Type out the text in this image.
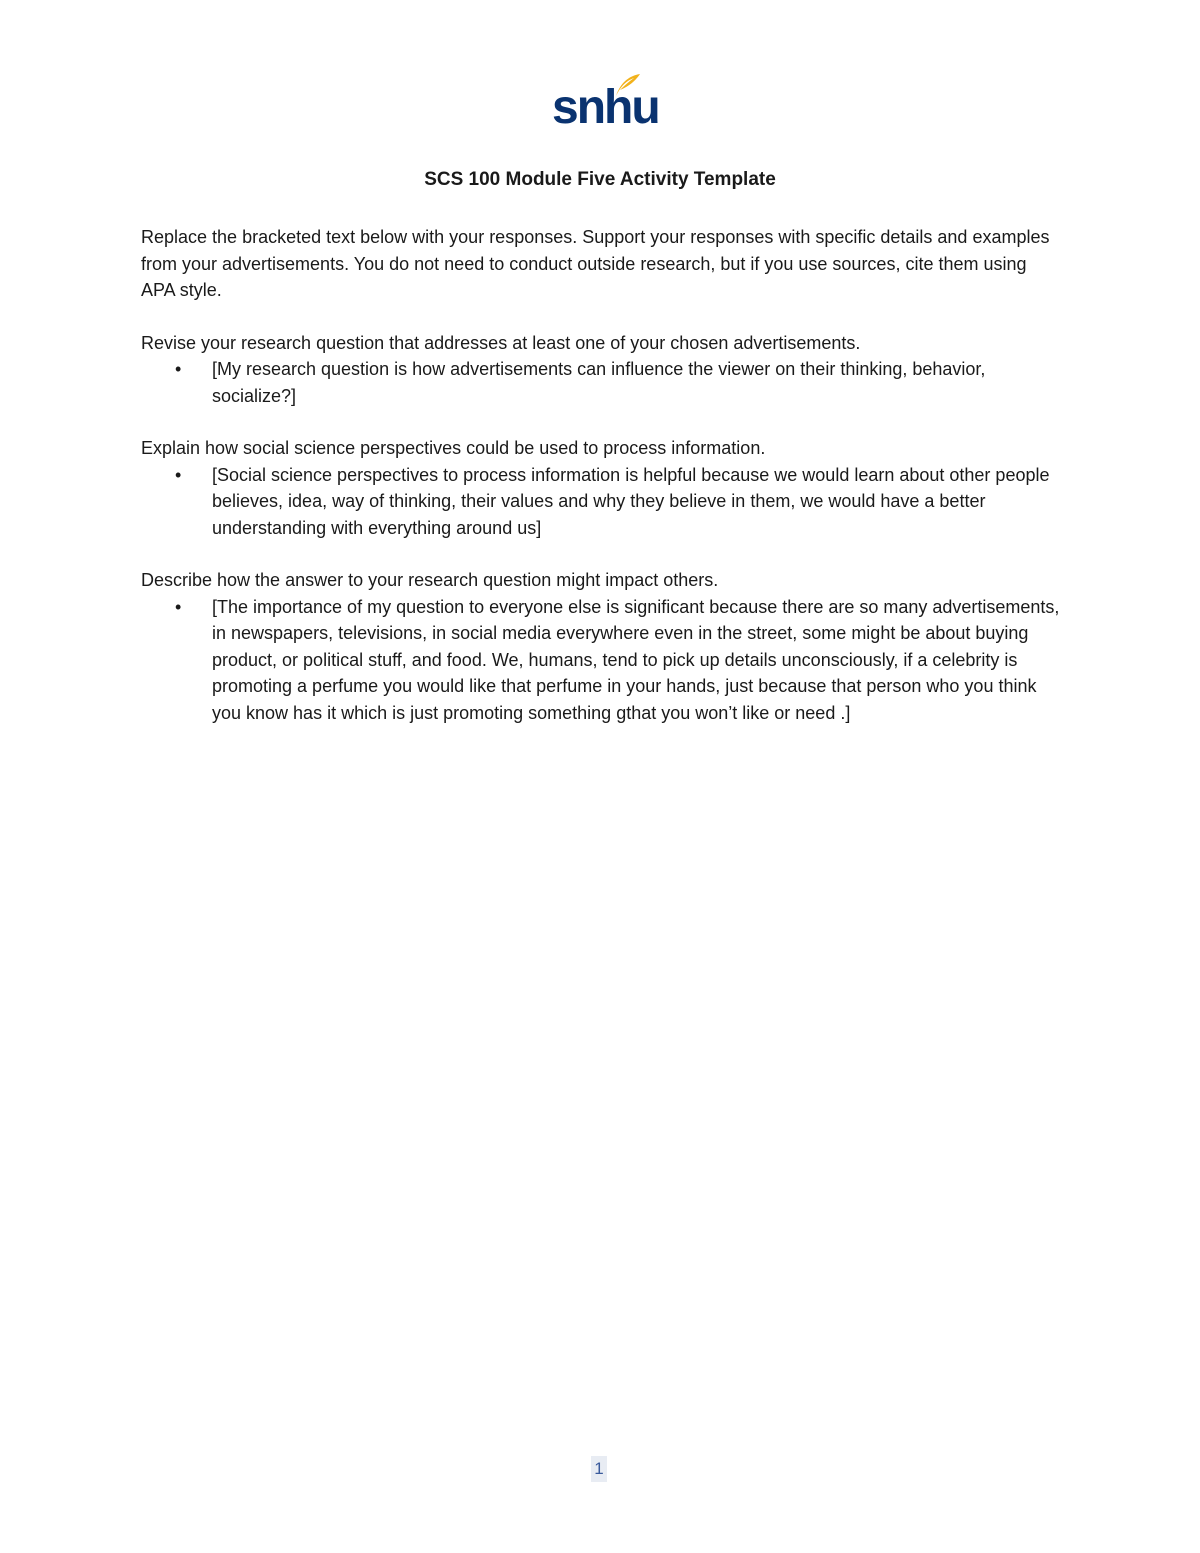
snhu
SCS 100 Module Five Activity Template

Replace the bracketed text below with your responses. Support your responses with specific details and examples from your advertisements. You do not need to conduct outside research, but if you use sources, cite them using APA style.

Revise your research question that addresses at least one of your chosen advertisements.

• [My research question is how advertisements can influence the viewer on their thinking, behavior, socialize?]

Explain how social science perspectives could be used to process information.

• [Social science perspectives to process information is helpful because we would learn about other people believes, idea, way of thinking, their values and why they believe in them, we would have a better understanding with everything around us]

Describe how the answer to your research question might impact others.

• [The importance of my question to everyone else is significant because there are so many advertisements, in newspapers, televisions, in social media everywhere even in the street, some might be about buying product, or political stuff, and food. We, humans, tend to pick up details unconsciously, if a celebrity is promoting a perfume you would like that perfume in your hands, just because that person who you think you know has it which is just promoting something gthat you won’t like or need .]

1
